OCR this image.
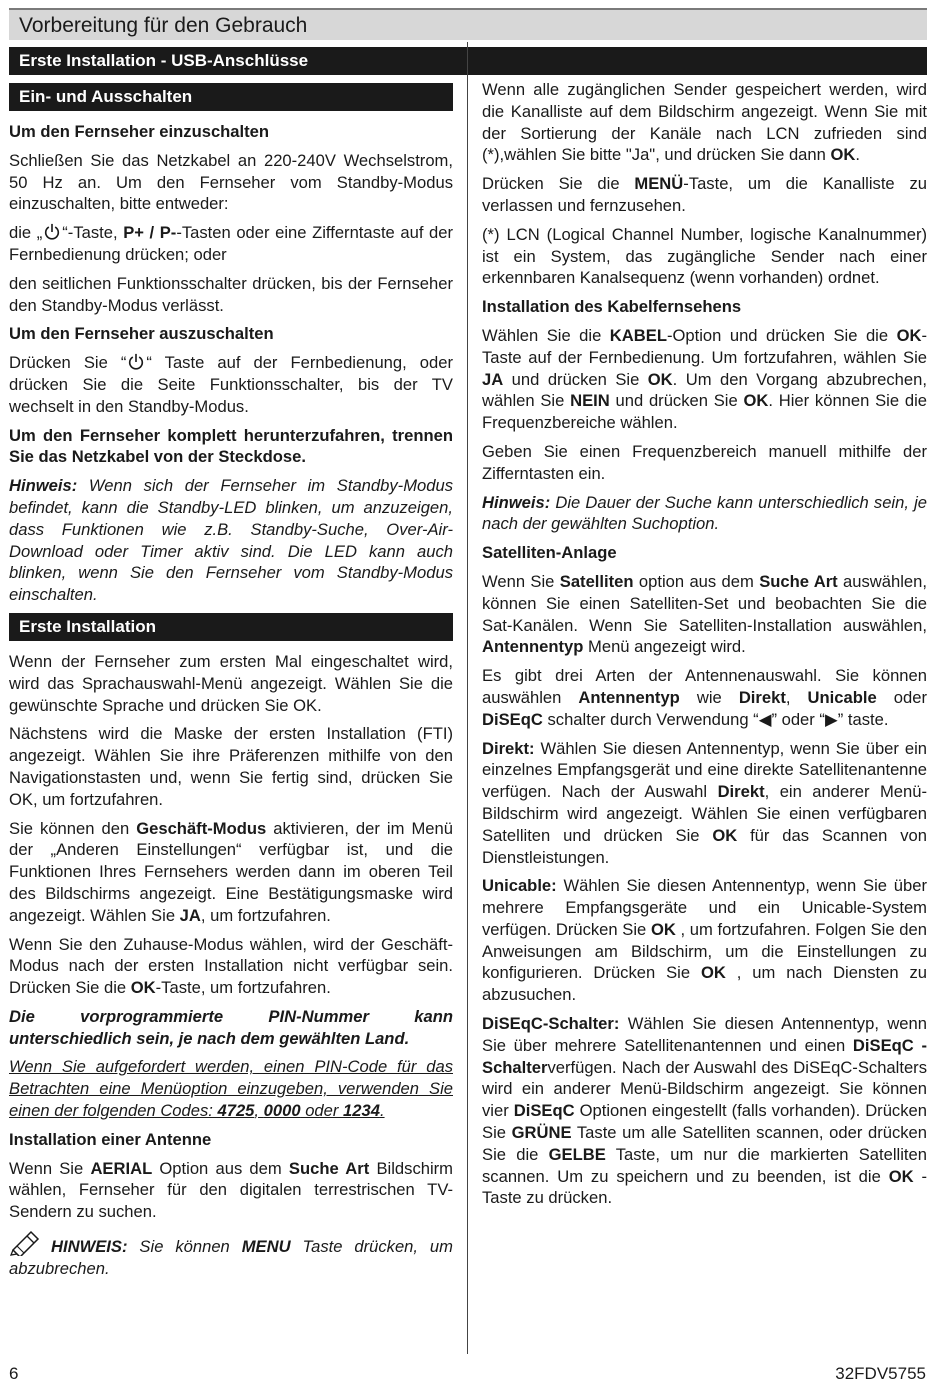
Vorbereitung für den Gebrauch
Erste Installation - USB-Anschlüsse
Ein- und Ausschalten

Um den Fernseher einzuschalten

Schließen Sie das Netzkabel an 220-240V Wechselstrom, 50 Hz an. Um den Fernseher vom Standby-Modus einzuschalten, bitte entweder:

die „ “-Taste, P+ / P--Tasten oder eine Zifferntaste auf der Fernbedienung drücken; oder

den seitlichen Funktionsschalter drücken, bis der Fernseher den Standby-Modus verlässt.

Um den Fernseher auszuschalten

Drücken Sie “ “ Taste auf der Fernbedienung, oder drücken Sie die Seite Funktionsschalter, bis der TV wechselt in den Standby-Modus.

Um den Fernseher komplett herunterzufahren, trennen Sie das Netzkabel von der Steckdose.

Hinweis: Wenn sich der Fernseher im Standby-Modus befindet, kann die Standby-LED blinken, um anzuzeigen, dass Funktionen wie z.B. Standby-Suche, Over-Air-Download oder Timer aktiv sind. Die LED kann auch blinken, wenn Sie den Fernseher vom Standby-Modus einschalten.

Erste Installation

Wenn der Fernseher zum ersten Mal eingeschaltet wird, wird das Sprachauswahl-Menü angezeigt. Wählen Sie die gewünschte Sprache und drücken Sie OK.

Nächstens wird die Maske der ersten Installation (FTI) angezeigt. Wählen Sie ihre Präferenzen mithilfe von den Navigationstasten und, wenn Sie fertig sind, drücken Sie OK, um fortzufahren.

Sie können den Geschäft-Modus aktivieren, der im Menü der „Anderen Einstellungen“ verfügbar ist, und die Funktionen Ihres Fernsehers werden dann im oberen Teil des Bildschirms angezeigt. Eine Bestätigungsmaske wird angezeigt. Wählen Sie JA, um fortzufahren.

Wenn Sie den Zuhause-Modus wählen, wird der Geschäft-Modus nach der ersten Installation nicht verfügbar sein. Drücken Sie die OK-Taste, um fortzufahren.

Die vorprogrammierte PIN-Nummer kann unterschiedlich sein, je nach dem gewählten Land.

Wenn Sie aufgefordert werden, einen PIN-Code für das Betrachten eine Menüoption einzugeben, verwenden Sie einen der folgenden Codes: 4725, 0000 oder 1234.

Installation einer Antenne

Wenn Sie AERIAL Option aus dem Suche Art Bildschirm wählen, Fernseher für den digitalen terrestrischen TV-Sendern zu suchen.

HINWEIS: Sie können MENU Taste drücken, um abzubrechen.

Wenn alle zugänglichen Sender gespeichert werden, wird die Kanalliste auf dem Bildschirm angezeigt. Wenn Sie mit der Sortierung der Kanäle nach LCN zufrieden sind (*),wählen Sie bitte "Ja", und drücken Sie dann OK.

Drücken Sie die MENÜ-Taste, um die Kanalliste zu verlassen und fernzusehen.

(*) LCN (Logical Channel Number, logische Kanalnummer) ist ein System, das zugängliche Sender nach einer erkennbaren Kanalsequenz (wenn vorhanden) ordnet.

Installation des Kabelfernsehens

Wählen Sie die KABEL-Option und drücken Sie die OK-Taste auf der Fernbedienung. Um fortzufahren, wählen Sie JA und drücken Sie OK. Um den Vorgang abzubrechen, wählen Sie NEIN und drücken Sie OK. Hier können Sie die Frequenzbereiche wählen.

Geben Sie einen Frequenzbereich manuell mithilfe der Zifferntasten ein.

Hinweis: Die Dauer der Suche kann unterschiedlich sein, je nach der gewählten Suchoption.

Satelliten-Anlage

Wenn Sie Satelliten option aus dem Suche Art auswählen, können Sie einen Satelliten-Set und beobachten Sie die Sat-Kanälen. Wenn Sie Satelliten-Installation auswählen, Antennentyp Menü angezeigt wird.

Es gibt drei Arten der Antennenauswahl. Sie können auswählen Antennentyp wie Direkt, Unicable oder DiSEqC schalter durch Verwendung “◀” oder “▶” taste.

Direkt: Wählen Sie diesen Antennentyp, wenn Sie über ein einzelnes Empfangsgerät und eine direkte Satellitenantenne verfügen. Nach der Auswahl Direkt, ein anderer Menü-Bildschirm wird angezeigt. Wählen Sie einen verfügbaren Satelliten und drücken Sie OK für das Scannen von Dienstleistungen.

Unicable: Wählen Sie diesen Antennentyp, wenn Sie über mehrere Empfangsgeräte und ein Unicable-System verfügen. Drücken Sie OK , um fortzufahren. Folgen Sie den Anweisungen am Bildschirm, um die Einstellungen zu konfigurieren. Drücken Sie OK , um nach Diensten zu abzusuchen.

DiSEqC-Schalter: Wählen Sie diesen Antennentyp, wenn Sie über mehrere Satellitenantennen und einen DiSEqC -Schalterverfügen. Nach der Auswahl des DiSEqC-Schalters wird ein anderer Menü-Bildschirm angezeigt. Sie können vier DiSEqC Optionen eingestellt (falls vorhanden). Drücken Sie GRÜNE Taste um alle Satelliten scannen, oder drücken Sie die GELBE Taste, um nur die markierten Satelliten scannen. Um zu speichern und zu beenden, ist die OK -Taste zu drücken.

6	32FDV5755
